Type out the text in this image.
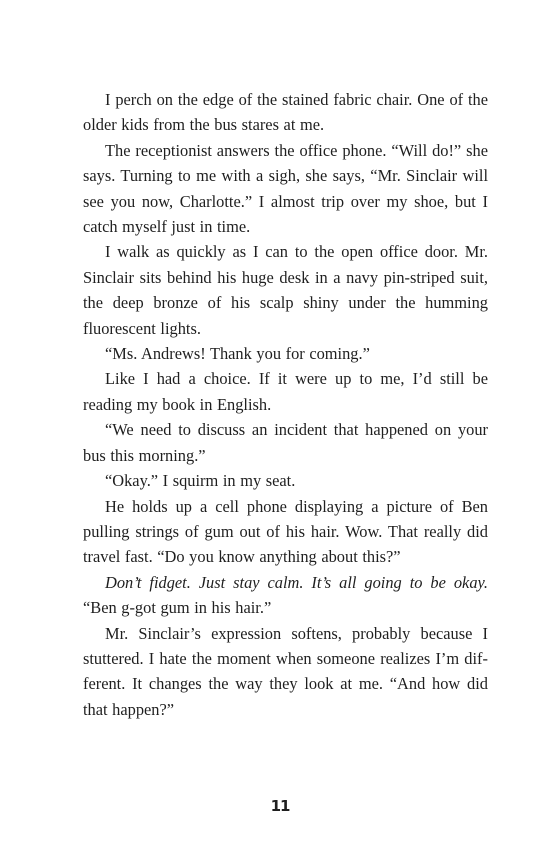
I perch on the edge of the stained fabric chair. One of the older kids from the bus stares at me.

The receptionist answers the office phone. “Will do!” she says. Turning to me with a sigh, she says, “Mr. Sinclair will see you now, Charlotte.” I almost trip over my shoe, but I catch myself just in time.

I walk as quickly as I can to the open office door. Mr. Sinclair sits behind his huge desk in a navy pin-striped suit, the deep bronze of his scalp shiny under the humming fluorescent lights.

“Ms. Andrews! Thank you for coming.”

Like I had a choice. If it were up to me, I’d still be reading my book in English.

“We need to discuss an incident that happened on your bus this morning.”

“Okay.” I squirm in my seat.

He holds up a cell phone displaying a picture of Ben pulling strings of gum out of his hair. Wow. That really did travel fast. “Do you know anything about this?”

Don’t fidget. Just stay calm. It’s all going to be okay. “Ben g-got gum in his hair.”

Mr. Sinclair’s expression softens, probably because I stuttered. I hate the moment when someone realizes I’m different. It changes the way they look at me. “And how did that happen?”

11
